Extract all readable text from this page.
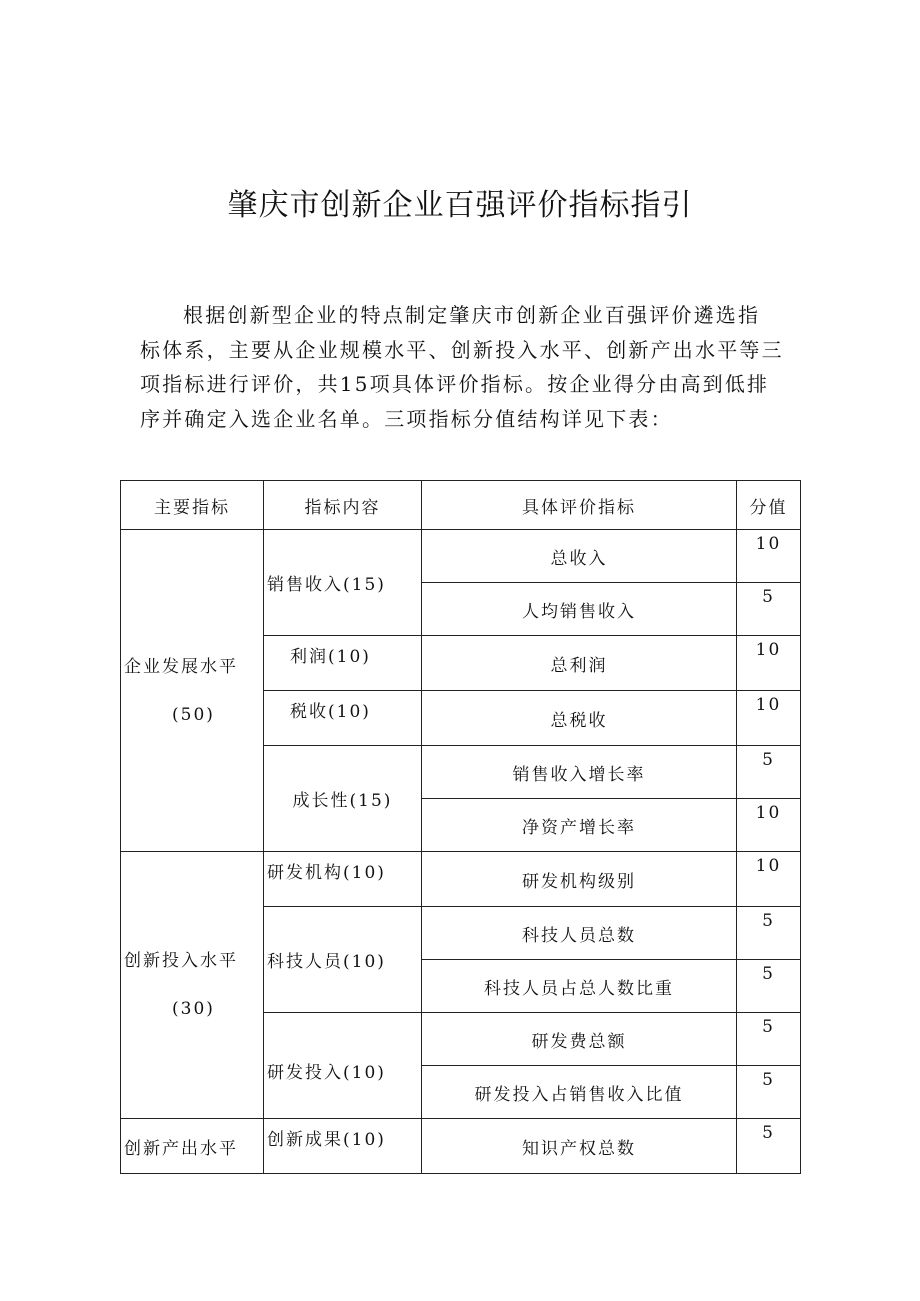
肇庆市创新企业百强评价指标指引
根据创新型企业的特点制定肇庆市创新企业百强评价遴选指
标体系，主要从企业规模水平、创新投入水平、创新产出水平等三
项指标进行评价，共15项具体评价指标。按企业得分由高到低排
序并确定入选企业名单。三项指标分值结构详见下表：
主要指标	指标内容	具体评价指标	分值

企业发展水平
(50)	销售收入(15)	总收入	10
		人均销售收入	5
	利润(10)	总利润	10
	税收(10)	总税收	10
	成长性(15)	销售收入增长率	5
		净资产增长率	10

创新投入水平
(30)	研发机构(10)	研发机构级别	10
	科技人员(10)	科技人员总数	5
		科技人员占总人数比重	5
	研发投入(10)	研发费总额	5
		研发投入占销售收入比值	5
创新产出水平	创新成果(10)	知识产权总数	5
